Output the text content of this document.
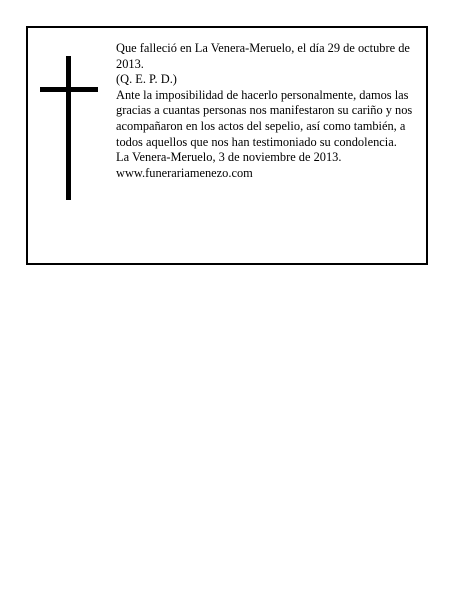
Que falleció en La Venera-Meruelo, el día 29 de octubre de 2013.

(Q. E. P. D.)

Ante la imposibilidad de hacerlo personalmente, damos las gracias a cuantas personas nos manifestaron su cariño y nos acompañaron en los actos del sepelio, así como también, a todos aquellos que nos han testimoniado su condolencia.

La Venera-Meruelo, 3 de noviembre de 2013.

www.funerariamenezo.com
